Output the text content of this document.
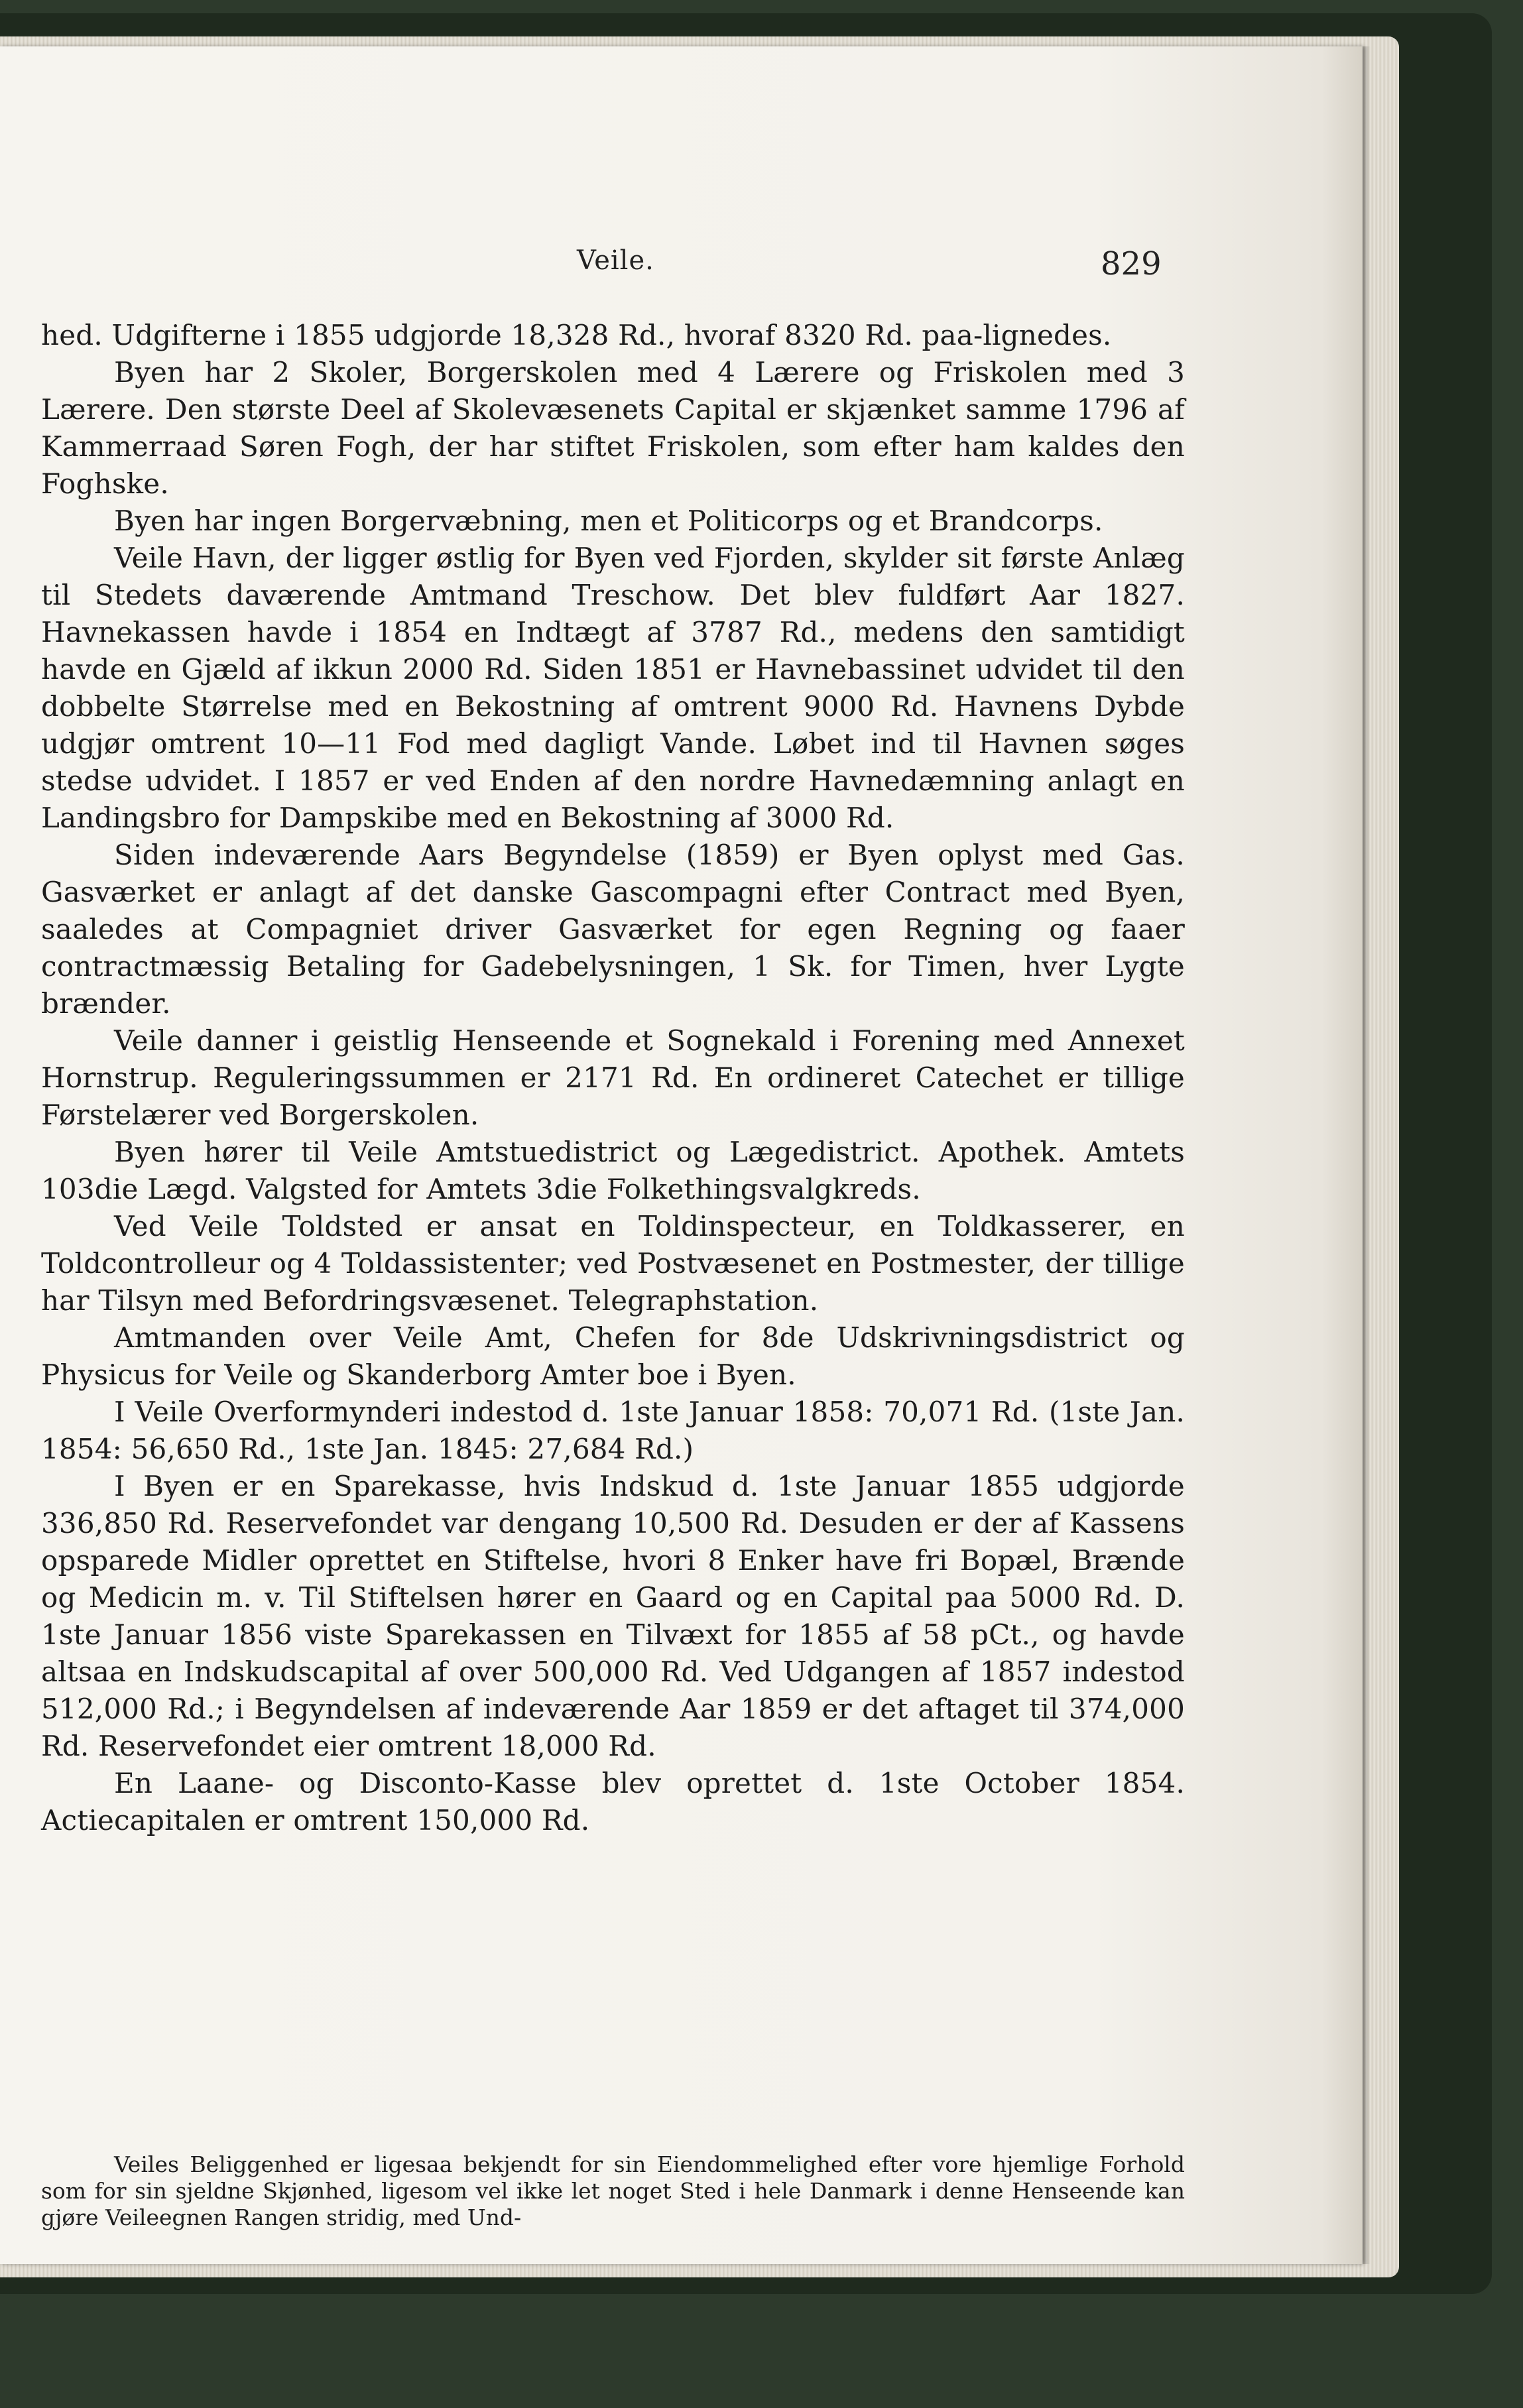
Veile.	829

hed. Udgifterne i 1855 udgjorde 18,328 Rd., hvoraf 8320 Rd. paa-lignedes.

Byen har 2 Skoler, Borgerskolen med 4 Lærere og Friskolen med 3 Lærere. Den største Deel af Skolevæsenets Capital er skjænket samme 1796 af Kammerraad Søren Fogh, der har stiftet Friskolen, som efter ham kaldes den Foghske.

Byen har ingen Borgervæbning, men et Politicorps og et Brandcorps.

Veile Havn, der ligger østlig for Byen ved Fjorden, skylder sit første Anlæg til Stedets daværende Amtmand Treschow. Det blev fuldført Aar 1827. Havnekassen havde i 1854 en Indtægt af 3787 Rd., medens den samtidigt havde en Gjæld af ikkun 2000 Rd. Siden 1851 er Havnebassinet udvidet til den dobbelte Størrelse med en Bekostning af omtrent 9000 Rd. Havnens Dybde udgjør omtrent 10—11 Fod med dagligt Vande. Løbet ind til Havnen søges stedse udvidet. I 1857 er ved Enden af den nordre Havnedæmning anlagt en Landingsbro for Dampskibe med en Bekostning af 3000 Rd.

Siden indeværende Aars Begyndelse (1859) er Byen oplyst med Gas. Gasværket er anlagt af det danske Gascompagni efter Contract med Byen, saaledes at Compagniet driver Gasværket for egen Regning og faaer contractmæssig Betaling for Gadebelysningen, 1 Sk. for Timen, hver Lygte brænder.

Veile danner i geistlig Henseende et Sognekald i Forening med Annexet Hornstrup. Reguleringssummen er 2171 Rd. En ordineret Catechet er tillige Førstelærer ved Borgerskolen.

Byen hører til Veile Amtstuedistrict og Lægedistrict. Apothek. Amtets 103die Lægd. Valgsted for Amtets 3die Folkethingsvalgkreds.

Ved Veile Toldsted er ansat en Toldinspecteur, en Toldkasserer, en Toldcontrolleur og 4 Toldassistenter; ved Postvæsenet en Postmester, der tillige har Tilsyn med Befordringsvæsenet. Telegraphstation.

Amtmanden over Veile Amt, Chefen for 8de Udskrivningsdistrict og Physicus for Veile og Skanderborg Amter boe i Byen.

I Veile Overformynderi indestod d. 1ste Januar 1858: 70,071 Rd. (1ste Jan. 1854: 56,650 Rd., 1ste Jan. 1845: 27,684 Rd.)

I Byen er en Sparekasse, hvis Indskud d. 1ste Januar 1855 udgjorde 336,850 Rd. Reservefondet var dengang 10,500 Rd. Desuden er der af Kassens opsparede Midler oprettet en Stiftelse, hvori 8 Enker have fri Bopæl, Brænde og Medicin m. v. Til Stiftelsen hører en Gaard og en Capital paa 5000 Rd. D. 1ste Januar 1856 viste Sparekassen en Tilvæxt for 1855 af 58 pCt., og havde altsaa en Indskudscapital af over 500,000 Rd. Ved Udgangen af 1857 indestod 512,000 Rd.; i Begyndelsen af indeværende Aar 1859 er det aftaget til 374,000 Rd. Reservefondet eier omtrent 18,000 Rd.

En Laane- og Disconto-Kasse blev oprettet d. 1ste October 1854. Actiecapitalen er omtrent 150,000 Rd.

Veiles Beliggenhed er ligesaa bekjendt for sin Eiendommelighed efter vore hjemlige Forhold som for sin sjeldne Skjønhed, ligesom vel ikke let noget Sted i hele Danmark i denne Henseende kan gjøre Veileegnen Rangen stridig, med Und-
